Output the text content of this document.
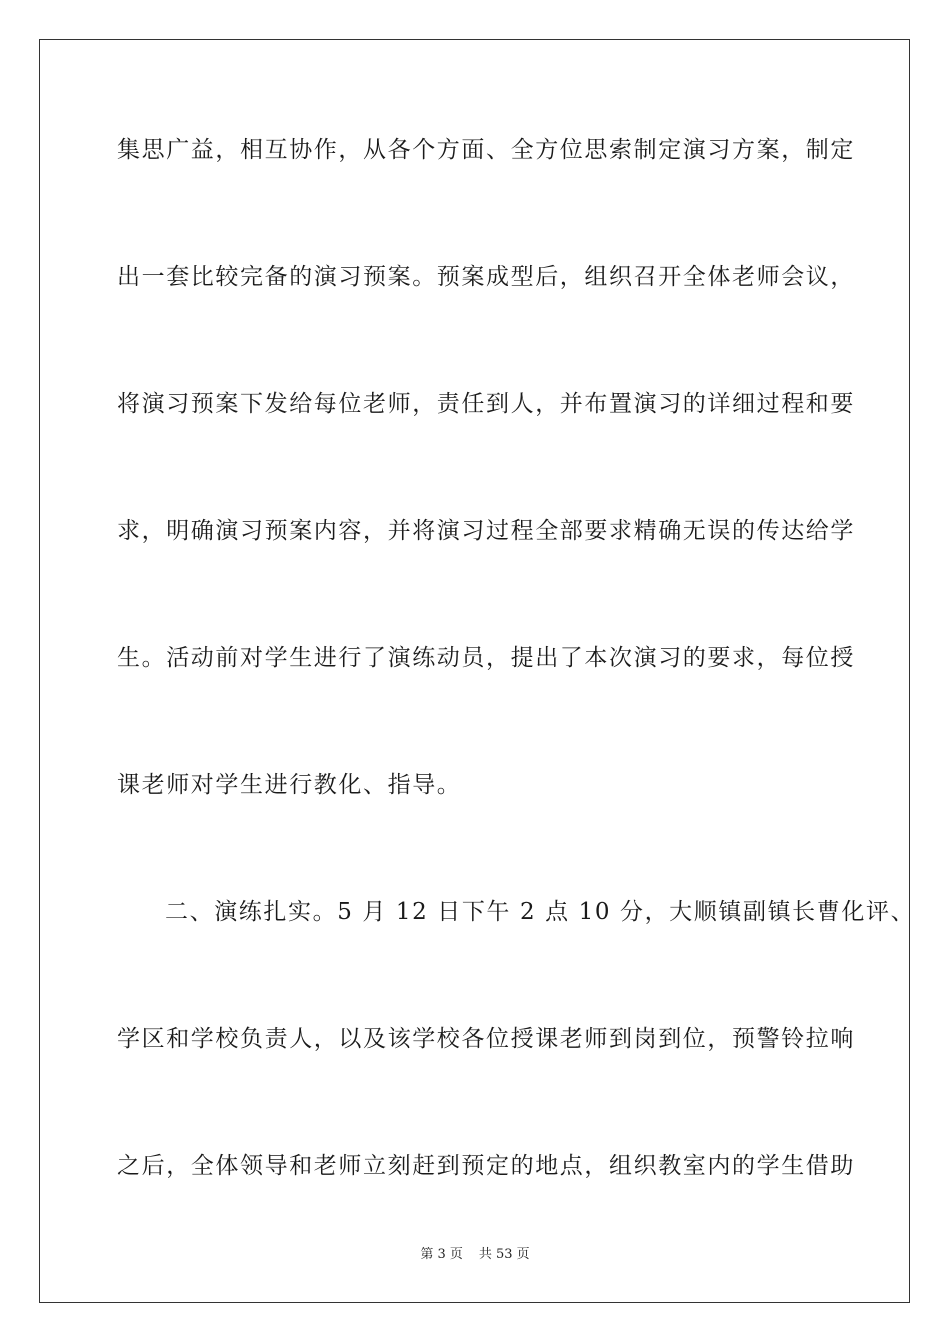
集思广益，相互协作，从各个方面、全方位思索制定演习方案，制定
出一套比较完备的演习预案。预案成型后，组织召开全体老师会议，
将演习预案下发给每位老师，责任到人，并布置演习的详细过程和要
求，明确演习预案内容，并将演习过程全部要求精确无误的传达给学
生。活动前对学生进行了演练动员，提出了本次演习的要求，每位授
课老师对学生进行教化、指导。
二、演练扎实。5 月 12 日下午 2 点 10 分，大顺镇副镇长曹化评、
学区和学校负责人，以及该学校各位授课老师到岗到位，预警铃拉响
之后，全体领导和老师立刻赶到预定的地点，组织教室内的学生借助
第 3 页 共 53 页
